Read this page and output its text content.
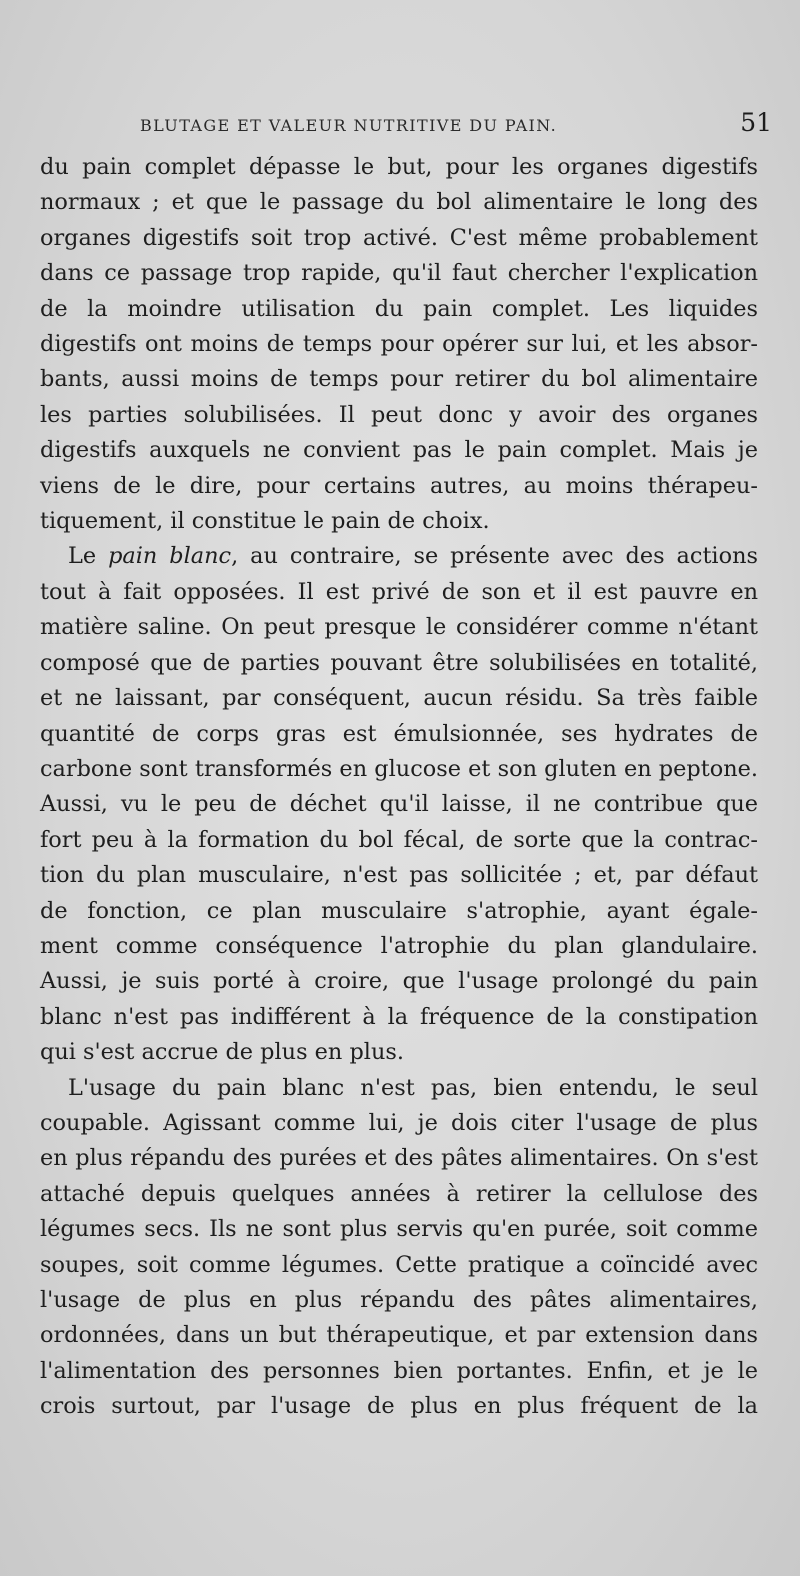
BLUTAGE ET VALEUR NUTRITIVE DU PAIN.	51

du pain complet dépasse le but, pour les organes digestifs
normaux ; et que le passage du bol alimentaire le long des
organes digestifs soit trop activé. C'est même probablement
dans ce passage trop rapide, qu'il faut chercher l'explication
de la moindre utilisation du pain complet. Les liquides
digestifs ont moins de temps pour opérer sur lui, et les absor-
bants, aussi moins de temps pour retirer du bol alimentaire
les parties solubilisées. Il peut donc y avoir des organes
digestifs auxquels ne convient pas le pain complet. Mais je
viens de le dire, pour certains autres, au moins thérapeu-
tiquement, il constitue le pain de choix.

Le pain blanc, au contraire, se présente avec des actions
tout à fait opposées. Il est privé de son et il est pauvre en
matière saline. On peut presque le considérer comme n'étant
composé que de parties pouvant être solubilisées en totalité,
et ne laissant, par conséquent, aucun résidu. Sa très faible
quantité de corps gras est émulsionnée, ses hydrates de
carbone sont transformés en glucose et son gluten en peptone.
Aussi, vu le peu de déchet qu'il laisse, il ne contribue que
fort peu à la formation du bol fécal, de sorte que la contrac-
tion du plan musculaire, n'est pas sollicitée ; et, par défaut
de fonction, ce plan musculaire s'atrophie, ayant égale-
ment comme conséquence l'atrophie du plan glandulaire.
Aussi, je suis porté à croire, que l'usage prolongé du pain
blanc n'est pas indifférent à la fréquence de la constipation
qui s'est accrue de plus en plus.

L'usage du pain blanc n'est pas, bien entendu, le seul
coupable. Agissant comme lui, je dois citer l'usage de plus
en plus répandu des purées et des pâtes alimentaires. On s'est
attaché depuis quelques années à retirer la cellulose des
légumes secs. Ils ne sont plus servis qu'en purée, soit comme
soupes, soit comme légumes. Cette pratique a coïncidé avec
l'usage de plus en plus répandu des pâtes alimentaires,
ordonnées, dans un but thérapeutique, et par extension dans
l'alimentation des personnes bien portantes. Enfin, et je le
crois surtout, par l'usage de plus en plus fréquent de la
